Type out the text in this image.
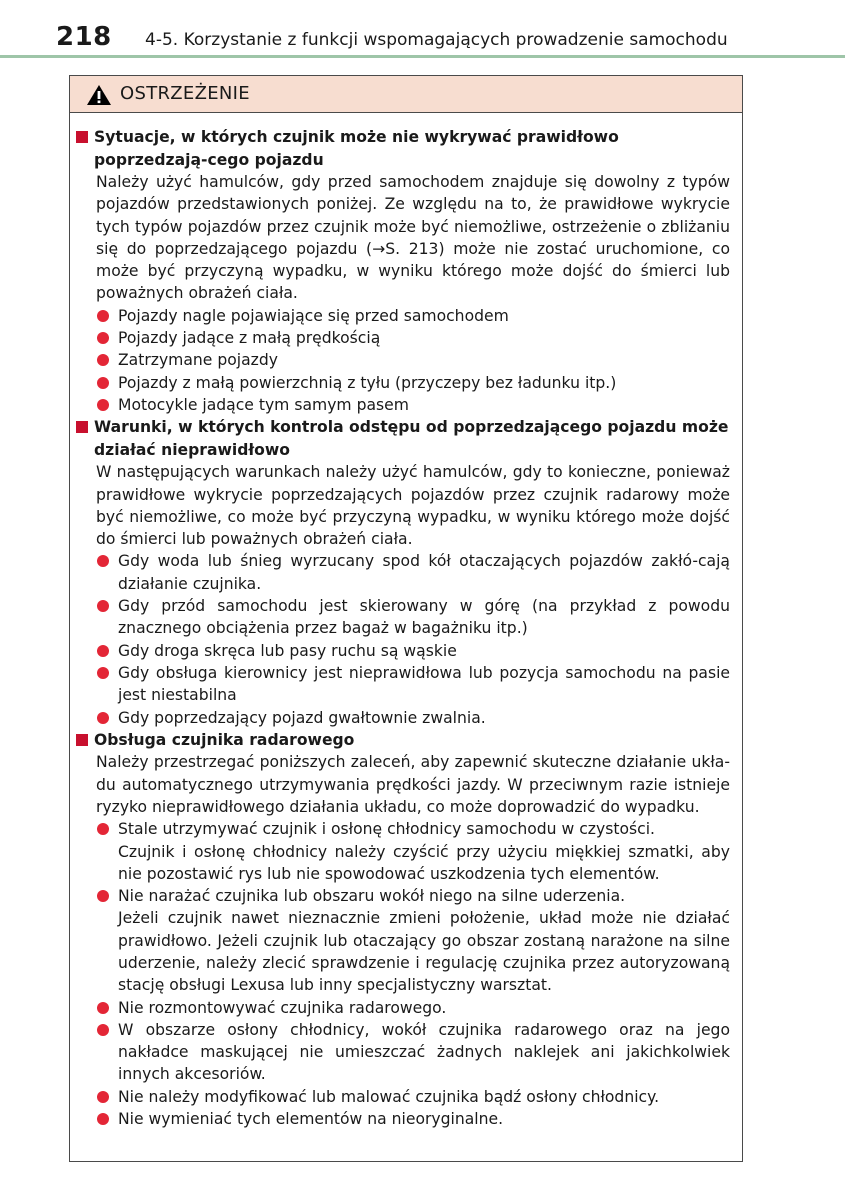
218 4-5. Korzystanie z funkcji wspomagających prowadzenie samochodu
OSTRZEŻENIE
Sytuacje, w których czujnik może nie wykrywać prawidłowo poprzedzają-cego pojazdu
Należy użyć hamulców, gdy przed samochodem znajduje się dowolny z typów pojazdów przedstawionych poniżej. Ze względu na to, że prawidłowe wykrycie tych typów pojazdów przez czujnik może być niemożliwe, ostrzeżenie o zbliżaniu się do poprzedzającego pojazdu (→S. 213) może nie zostać uruchomione, co może być przyczyną wypadku, w wyniku którego może dojść do śmierci lub poważnych obrażeń ciała.
Pojazdy nagle pojawiające się przed samochodem
Pojazdy jadące z małą prędkością
Zatrzymane pojazdy
Pojazdy z małą powierzchnią z tyłu (przyczepy bez ładunku itp.)
Motocykle jadące tym samym pasem
Warunki, w których kontrola odstępu od poprzedzającego pojazdu może działać nieprawidłowo
W następujących warunkach należy użyć hamulców, gdy to konieczne, ponieważ prawidłowe wykrycie poprzedzających pojazdów przez czujnik radarowy może być niemożliwe, co może być przyczyną wypadku, w wyniku którego może dojść do śmierci lub poważnych obrażeń ciała.
Gdy woda lub śnieg wyrzucany spod kół otaczających pojazdów zakłó-cają działanie czujnika.
Gdy przód samochodu jest skierowany w górę (na przykład z powodu znacznego obciążenia przez bagaż w bagażniku itp.)
Gdy droga skręca lub pasy ruchu są wąskie
Gdy obsługa kierownicy jest nieprawidłowa lub pozycja samochodu na pasie jest niestabilna
Gdy poprzedzający pojazd gwałtownie zwalnia.
Obsługa czujnika radarowego
Należy przestrzegać poniższych zaleceń, aby zapewnić skuteczne działanie ukła-du automatycznego utrzymywania prędkości jazdy. W przeciwnym razie istnieje ryzyko nieprawidłowego działania układu, co może doprowadzić do wypadku.
Stale utrzymywać czujnik i osłonę chłodnicy samochodu w czystości.
Czujnik i osłonę chłodnicy należy czyścić przy użyciu miękkiej szmatki, aby nie pozostawić rys lub nie spowodować uszkodzenia tych elementów.
Nie narażać czujnika lub obszaru wokół niego na silne uderzenia.
Jeżeli czujnik nawet nieznacznie zmieni położenie, układ może nie działać prawidłowo. Jeżeli czujnik lub otaczający go obszar zostaną narażone na silne uderzenie, należy zlecić sprawdzenie i regulację czujnika przez autoryzowaną stację obsługi Lexusa lub inny specjalistyczny warsztat.
Nie rozmontowywać czujnika radarowego.
W obszarze osłony chłodnicy, wokół czujnika radarowego oraz na jego nakładce maskującej nie umieszczać żadnych naklejek ani jakichkolwiek innych akcesoriów.
Nie należy modyfikować lub malować czujnika bądź osłony chłodnicy.
Nie wymieniać tych elementów na nieoryginalne.
